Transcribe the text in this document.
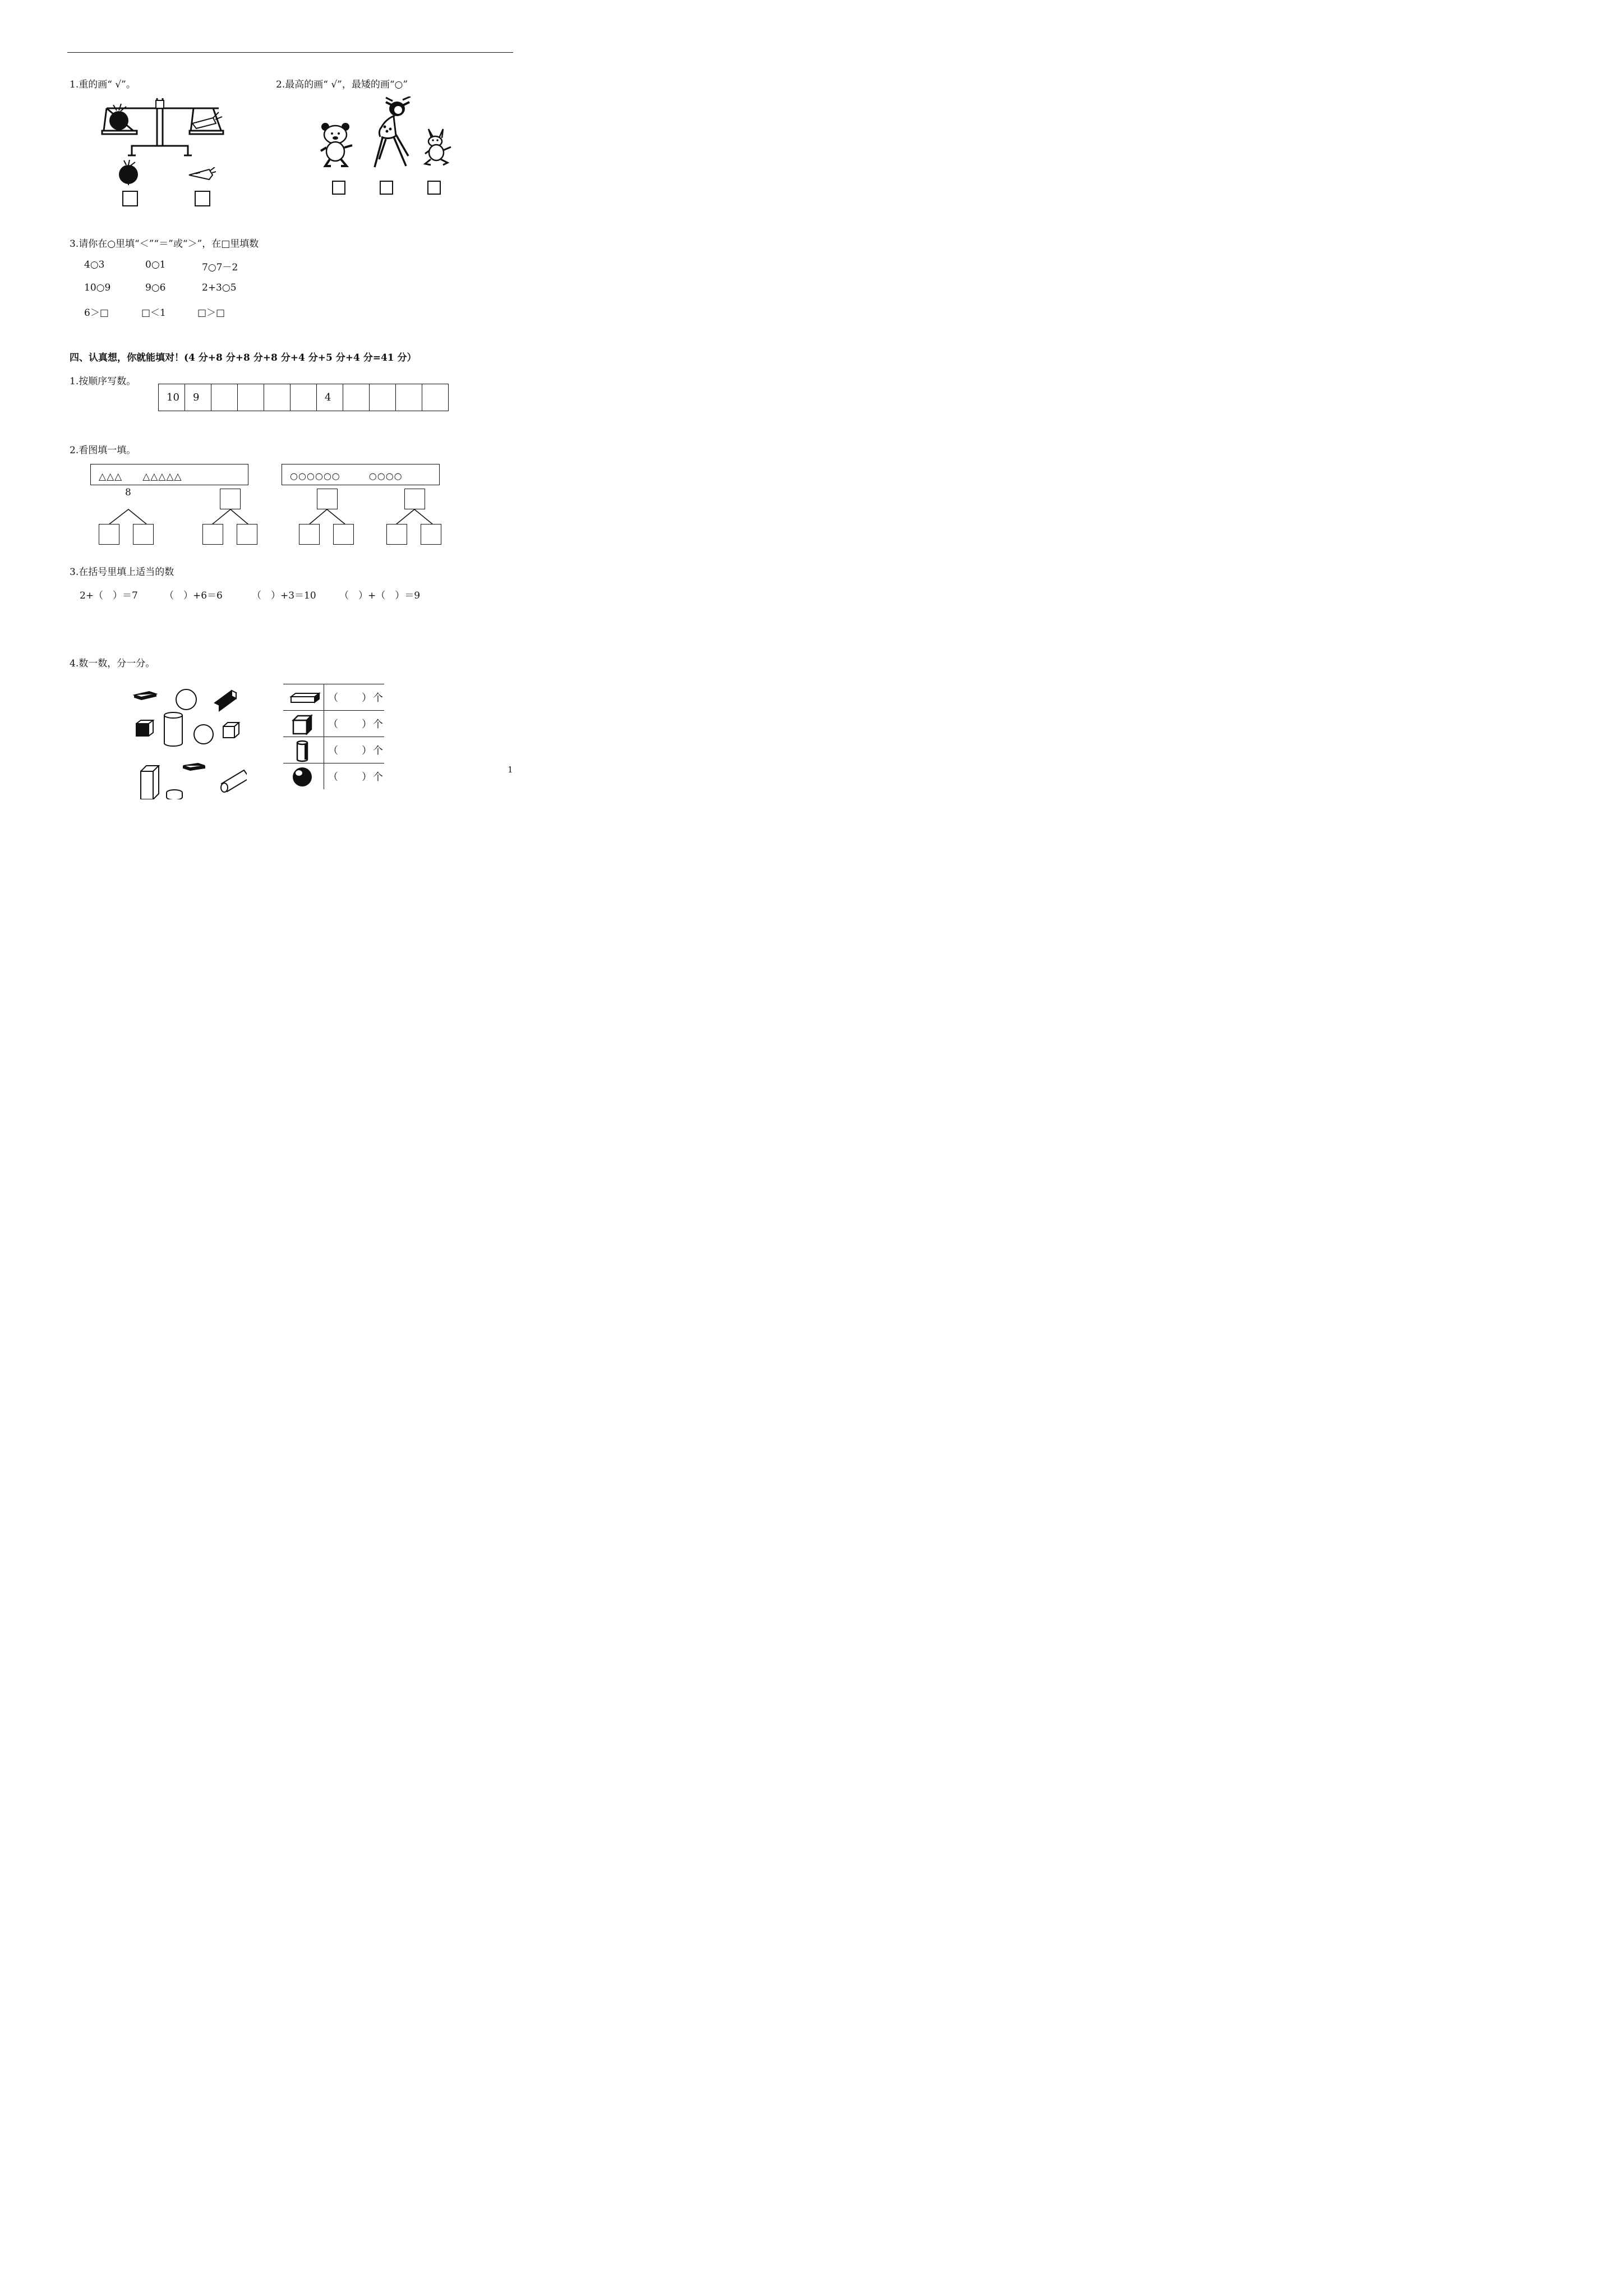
1.重的画“ √”。	2.最高的画“ √”，最矮的画“○”
3.请你在○里填“＜”“＝”或“＞”，在□里填数
4○3	0○1	7○7－2
10○9	9○6	2+3○5
6＞□	□＜1	□＞□
四、认真想，你就能填对！(4 分+8 分+8 分+8 分+4 分+5 分+4 分=41 分）
1.按顺序写数。
10	9					4				
2.看图填一填。
△△△　　△△△△△	○○○○○○　　　○○○○
8
3.在括号里填上适当的数
2+（　）＝7	（　）+6＝6	（　）+3＝10 （　）+（　）＝9
4.数一数，分一分。
（　　）个
（　　）个
（　　）个
（　　）个
1
